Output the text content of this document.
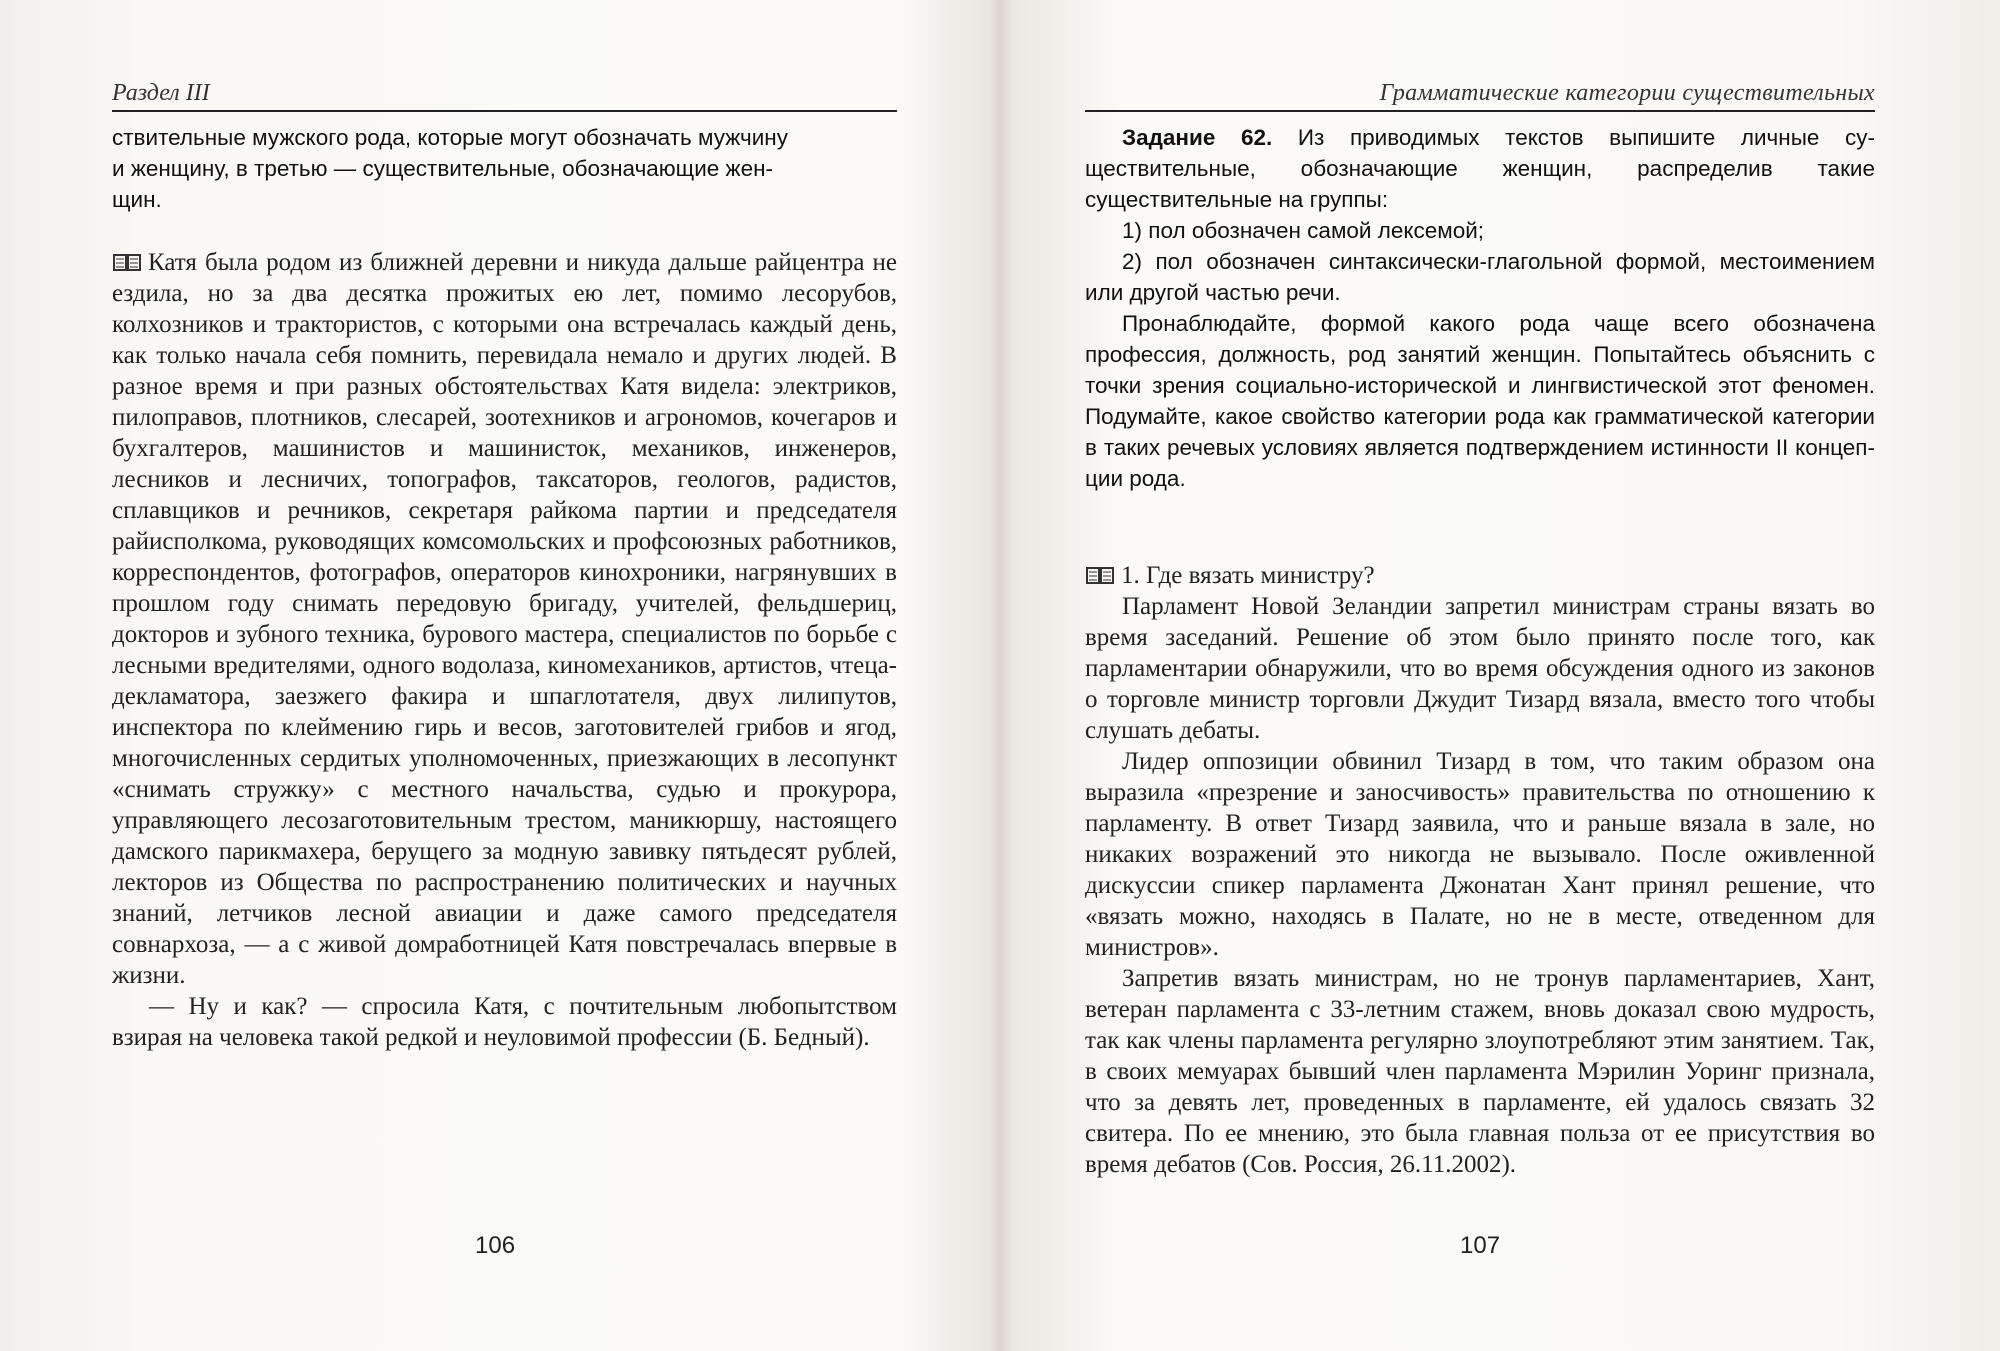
Раздел III

ствительные мужского рода, которые могут обозначать мужчину

и женщину, в третью — существительные, обозначающие жен-

щин.

Катя была родом из ближней деревни и никуда дальше райцентра не ездила, но за два десятка прожитых ею лет, помимо лесорубов, колхозников и трактористов, с которыми она встречалась каждый день, как только начала себя помнить, перевидала немало и других людей. В разное время и при разных обстоятельствах Катя видела: электриков, пилоправов, плотников, слесарей, зоотехников и агрономов, кочегаров и бухгалтеров, машинистов и машинисток, механиков, инженеров, лесников и лесничих, топографов, таксаторов, геологов, радистов, сплавщиков и речников, секретаря райкома партии и председателя райисполкома, руководящих комсомольских и профсоюзных работников, корреспондентов, фотографов, операторов кинохроники, нагрянувших в прошлом году снимать передовую бригаду, учителей, фельдшериц, докторов и зубного техника, бурового мастера, специалистов по борьбе с лесными вредителями, одного водолаза, киномехаников, артистов, чтеца-декламатора, заезжего факира и шпаглотателя, двух лилипутов, инспектора по клеймению гирь и весов, заготовителей грибов и ягод, многочисленных сердитых уполномоченных, приезжающих в лесопункт «снимать стружку» с местного начальства, судью и прокурора, управляющего лесозаготовительным трестом, маникюршу, настоящего дамского парикмахера, берущего за модную завивку пятьдесят рублей, лекторов из Общества по распространению политических и научных знаний, летчиков лесной авиации и даже самого председателя совнархоза, — а с живой домработницей Катя повстречалась впервые в жизни.

— Ну и как? — спросила Катя, с почтительным любопытством взирая на человека такой редкой и неуловимой профессии (Б. Бедный).

106
Грамматические категории существительных

Задание 62. Из приводимых текстов выпишите личные существительные, обозначающие женщин, распределив такие существительные на группы:

1) пол обозначен самой лексемой;

2) пол обозначен синтаксически-глагольной формой, местоимением или другой частью речи.

Пронаблюдайте, формой какого рода чаще всего обозначена профессия, должность, род занятий женщин. Попытайтесь объяснить с точки зрения социально-исторической и лингвистической этот феномен. Подумайте, какое свойство категории рода как грамматической категории в таких речевых условиях является подтверждением истинности II концепции рода.

1. Где вязать министру?

Парламент Новой Зеландии запретил министрам страны вязать во время заседаний. Решение об этом было принято после того, как парламентарии обнаружили, что во время обсуждения одного из законов о торговле министр торговли Джудит Тизард вязала, вместо того чтобы слушать дебаты.

Лидер оппозиции обвинил Тизард в том, что таким образом она выразила «презрение и заносчивость» правительства по отношению к парламенту. В ответ Тизард заявила, что и раньше вязала в зале, но никаких возражений это никогда не вызывало. После оживленной дискуссии спикер парламента Джонатан Хант принял решение, что «вязать можно, находясь в Палате, но не в месте, отведенном для министров».

Запретив вязать министрам, но не тронув парламентариев, Хант, ветеран парламента с 33-летним стажем, вновь доказал свою мудрость, так как члены парламента регулярно злоупотребляют этим занятием. Так, в своих мемуарах бывший член парламента Мэрилин Уоринг признала, что за девять лет, проведенных в парламенте, ей удалось связать 32 свитера. По ее мнению, это была главная польза от ее присутствия во время дебатов (Сов. Россия, 26.11.2002).

107
